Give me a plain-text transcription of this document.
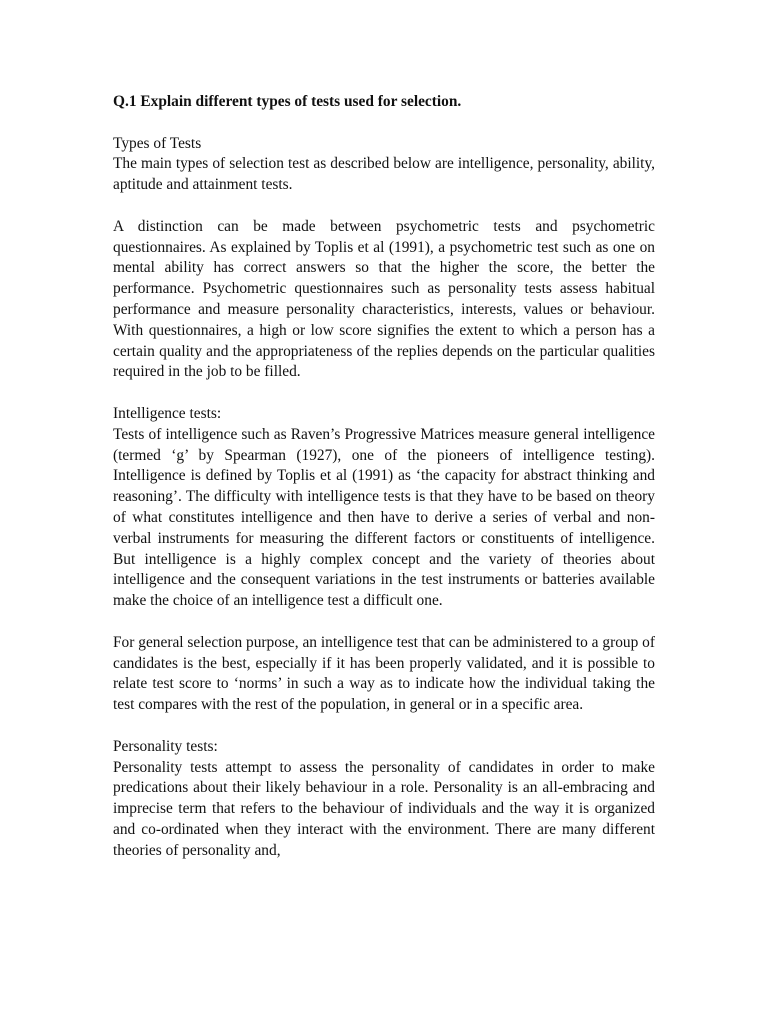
Q.1 Explain different types of tests used for selection.

Types of Tests

The main types of selection test as described below are intelligence, personality, ability, aptitude and attainment tests.

A distinction can be made between psychometric tests and psychometric questionnaires. As explained by Toplis et al (1991), a psychometric test such as one on mental ability has correct answers so that the higher the score, the better the performance. Psychometric questionnaires such as personality tests assess habitual performance and measure personality characteristics, interests, values or behaviour. With questionnaires, a high or low score signifies the extent to which a person has a certain quality and the appropriateness of the replies depends on the particular qualities required in the job to be filled.

Intelligence tests:

Tests of intelligence such as Raven’s Progressive Matrices measure general intelligence (termed ‘g’ by Spearman (1927), one of the pioneers of intelligence testing). Intelligence is defined by Toplis et al (1991) as ‘the capacity for abstract thinking and reasoning’. The difficulty with intelligence tests is that they have to be based on theory of what constitutes intelligence and then have to derive a series of verbal and non-verbal instruments for measuring the different factors or constituents of intelligence. But intelligence is a highly complex concept and the variety of theories about intelligence and the consequent variations in the test instruments or batteries available make the choice of an intelligence test a difficult one.

For general selection purpose, an intelligence test that can be administered to a group of candidates is the best, especially if it has been properly validated, and it is possible to relate test score to ‘norms’ in such a way as to indicate how the individual taking the test compares with the rest of the population, in general or in a specific area.

Personality tests:

Personality tests attempt to assess the personality of candidates in order to make predications about their likely behaviour in a role. Personality is an all-embracing and imprecise term that refers to the behaviour of individuals and the way it is organized and co-ordinated when they interact with the environment. There are many different theories of personality and,
